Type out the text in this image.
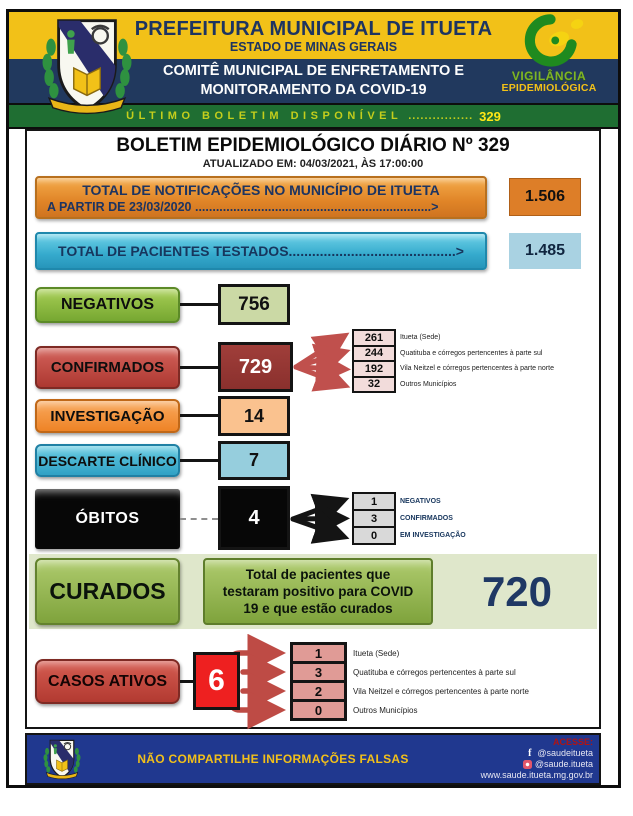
PREFEITURA MUNICIPAL DE ITUETA
ESTADO DE MINAS GERAIS
COMITÊ MUNICIPAL DE ENFRETAMENTO E
MONITORAMENTO DA COVID-19
ÚLTIMO BOLETIM DISPONÍVEL ................ 329
VIGILÂNCIA
EPIDEMIOLÓGICA
BOLETIM EPIDEMIOLÓGICO DIÁRIO Nº 329
ATUALIZADO EM: 04/03/2021, ÀS 17:00:00
TOTAL DE NOTIFICAÇÕES NO MUNICÍPIO DE ITUETA
A PARTIR DE 23/03/2020 ....................................................................>
1.506
TOTAL DE PACIENTES TESTADOS...........................................>	1.485
NEGATIVOS	756
CONFIRMADOS	729
261	Itueta (Sede)
244	Quatituba e córregos pertencentes à parte sul
192	Vila Neitzel e córregos pertencentes à parte norte
32	Outros Municípios
INVESTIGAÇÃO	14
DESCARTE CLÍNICO	7
ÓBITOS	4
1	NEGATIVOS
3	CONFIRMADOS
0	EM INVESTIGAÇÃO
CURADOS
Total de pacientes que testaram positivo para COVID 19 e que estão curados	720
CASOS ATIVOS	6
1	Itueta (Sede)
3	Quatituba e córregos pertencentes à parte sul
2	Vila Neitzel e córregos pertencentes à parte norte
0	Outros Municípios
NÃO COMPARTILHE INFORMAÇÕES FALSAS
ACESSE:
f @saudeitueta
@saude.itueta
www.saude.itueta.mg.gov.br
